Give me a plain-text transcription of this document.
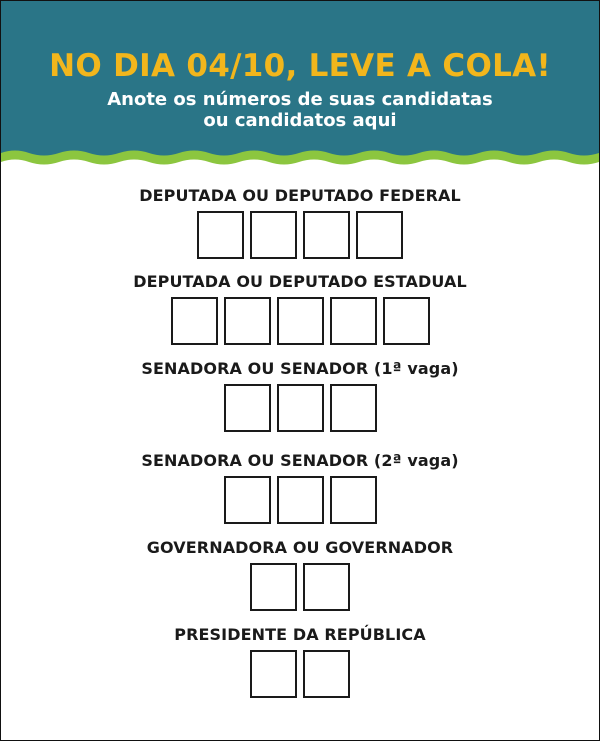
NO DIA 04/10, LEVE A COLA!
Anote os números de suas candidatas
ou candidatos aqui
DEPUTADA OU DEPUTADO FEDERAL
DEPUTADA OU DEPUTADO ESTADUAL
SENADORA OU SENADOR (1ª vaga)
SENADORA OU SENADOR (2ª vaga)
GOVERNADORA OU GOVERNADOR
PRESIDENTE DA REPÚBLICA
